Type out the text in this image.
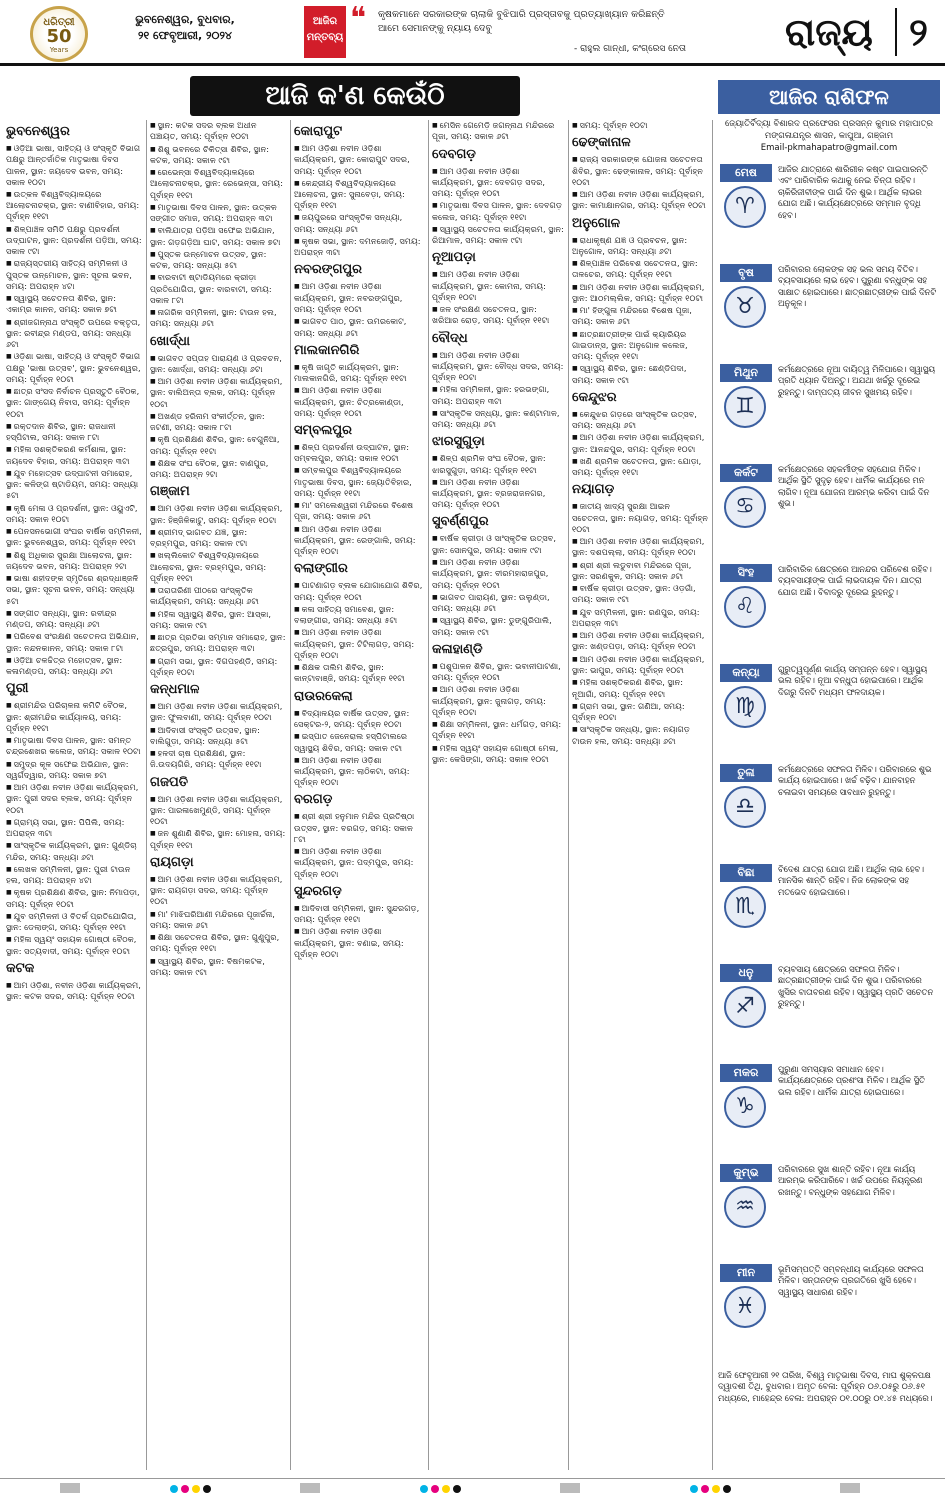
ଧରିତ୍ରୀ
50
Years
ଭୁବନେଶ୍ୱର, ବୁଧବାର,
୨୧ ଫେବୃଆରୀ, ୨୦୨୪
ଆଜିର
ମନ୍ତବ୍ୟ
❝ କୃଷକମାନେ ସରକାରଙ୍କ ଚାଲାକି ବୁଝିପାରି ପ୍ରସ୍ତାବକୁ ପ୍ରତ୍ୟାଖ୍ୟାନ କରିଛନ୍ତି ଆମେ ସେମାନଙ୍କୁ ନ୍ୟାୟ ଦେବୁ
- ରାହୁଲ ଗାନ୍ଧୀ, କଂଗ୍ରେସ ନେତା	ରାଜ୍ୟ ୨
ଆଜି କ'ଣ କେଉଁଠି
ଭୁବନେଶ୍ୱର
■ ଓଡ଼ିଆ ଭାଷା, ସାହିତ୍ୟ ଓ ସଂସ୍କୃତି ବିଭାଗ ପକ୍ଷରୁ ଆନ୍ତର୍ଜାତିକ ମାତୃଭାଷା ଦିବସ ପାଳନ, ସ୍ଥାନ: ଜୟଦେବ ଭବନ, ସମୟ: ସକାଳ ୧୦ଟା
■ ଉତ୍କଳ ବିଶ୍ୱବିଦ୍ୟାଳୟରେ ଆଲୋଚନାଚକ୍ର, ସ୍ଥାନ: ବାଣୀବିହାର, ସମୟ: ପୂର୍ବାହ୍ନ ୧୧ଟା
■ ଶିଳ୍ପାଞ୍ଚଳ ସମିତି ପକ୍ଷରୁ ପ୍ରଦର୍ଶନୀ ଉଦ୍‌ଘାଟନ, ସ୍ଥାନ: ପ୍ରଦର୍ଶନୀ ପଡ଼ିଆ, ସମୟ: ସକାଳ ୯ଟା
■ ରାଜ୍ୟସ୍ତରୀୟ ସାହିତ୍ୟ ସମ୍ମିଳନୀ ଓ ପୁସ୍ତକ ଉନ୍ମୋଚନ, ସ୍ଥାନ: ସୂଚନା ଭବନ, ସମୟ: ଅପରାହ୍ନ ୪ଟା
■ ସ୍ୱାସ୍ଥ୍ୟ ସଚେତନତା ଶିବିର, ସ୍ଥାନ: ଏକାମ୍ର କାନନ, ସମୟ: ସକାଳ ୭ଟା
■ ଶ୍ରୀଜଗନ୍ନାଥ ସଂସ୍କୃତି ଉପରେ ବକ୍ତୃତା, ସ୍ଥାନ: ରବୀନ୍ଦ୍ର ମଣ୍ଡପ, ସମୟ: ସନ୍ଧ୍ୟା ୬ଟା
■ ଓଡ଼ିଶା ଭାଷା, ସାହିତ୍ୟ ଓ ସଂସ୍କୃତି ବିଭାଗ ପକ୍ଷରୁ 'ଭାଷା ଉତ୍ସବ', ସ୍ଥାନ: ଭୁବନେଶ୍ୱର, ସମୟ: ପୂର୍ବାହ୍ନ ୧୦ଟା
■ ଛାତ୍ର ସଂସଦ ନିର୍ବାଚନ ପ୍ରସ୍ତୁତି ବୈଠକ, ସ୍ଥାନ: ଗାଙ୍ଗେୟ ନିବାସ, ସମୟ: ପୂର୍ବାହ୍ନ ୧୦ଟା
■ ରକ୍ତଦାନ ଶିବିର, ସ୍ଥାନ: ରାଜଧାନୀ ହସ୍ପିଟାଲ, ସମୟ: ସକାଳ ୮ଟା
■ ମହିଳା ସଶକ୍ତିକରଣ କର୍ମଶାଳା, ସ୍ଥାନ: ଜୟଦେବ ବିହାର, ସମୟ: ଅପରାହ୍ନ ୩ଟା
■ ଯୁବ ମହୋତ୍ସବ ଉଦ୍‌ଘାଟନୀ ସମାରୋହ, ସ୍ଥାନ: କଳିଙ୍ଗ ଷ୍ଟାଡିୟମ, ସମୟ: ସନ୍ଧ୍ୟା ୫ଟା
■ କୃଷି ମେଳା ଓ ପ୍ରଦର୍ଶନୀ, ସ୍ଥାନ: ଓୟୁଏଟି, ସମୟ: ସକାଳ ୧୦ଟା
■ ପେନସନଭୋଗୀ ସଂଘର ବାର୍ଷିକ ସମ୍ମିଳନୀ, ସ୍ଥାନ: ଭୁବନେଶ୍ୱର, ସମୟ: ପୂର୍ବାହ୍ନ ୧୧ଟା
■ ଶିଶୁ ଅଧିକାର ସୁରକ୍ଷା ଆଲୋଚନା, ସ୍ଥାନ: ଜୟଦେବ ଭବନ, ସମୟ: ଅପରାହ୍ନ ୨ଟା
■ ଭାଷା ଶହୀଦଙ୍କ ସ୍ମୃତିରେ ଶ୍ରଦ୍ଧାଞ୍ଜଳି ସଭା, ସ୍ଥାନ: ସୂଚନା ଭବନ, ସମୟ: ସନ୍ଧ୍ୟା ୫ଟା
■ ସଙ୍ଗୀତ ସନ୍ଧ୍ୟା, ସ୍ଥାନ: ରବୀନ୍ଦ୍ର ମଣ୍ଡପ, ସମୟ: ସନ୍ଧ୍ୟା ୬ଟା
■ ପରିବେଶ ସଂରକ୍ଷଣ ସଚେତନତା ଅଭିଯାନ, ସ୍ଥାନ: ନନ୍ଦନକାନନ, ସମୟ: ସକାଳ ୮ଟା
■ ଓଡ଼ିଆ ଚଳଚ୍ଚିତ୍ର ମହୋତ୍ସବ, ସ୍ଥାନ: କଳାମଣ୍ଡପ, ସମୟ: ସନ୍ଧ୍ୟା ୬ଟା
ପୁରୀ
■ ଶ୍ରୀମନ୍ଦିର ପରିଚାଳନା କମିଟି ବୈଠକ, ସ୍ଥାନ: ଶ୍ରୀମନ୍ଦିର କାର୍ଯ୍ୟାଳୟ, ସମୟ: ପୂର୍ବାହ୍ନ ୧୧ଟା
■ ମାତୃଭାଷା ଦିବସ ପାଳନ, ସ୍ଥାନ: ସମନ୍ତ ଚନ୍ଦ୍ରଶେଖର କଲେଜ, ସମୟ: ସକାଳ ୧୦ଟା
■ ସମୁଦ୍ର କୂଳ ସଫେଇ ଅଭିଯାନ, ସ୍ଥାନ: ସ୍ୱର୍ଗଦ୍ୱାର, ସମୟ: ସକାଳ ୭ଟା
■ ଆମ ଓଡ଼ିଶା ନବୀନ ଓଡ଼ିଶା କାର୍ଯ୍ୟକ୍ରମ, ସ୍ଥାନ: ପୁରୀ ସଦର ବ୍ଲକ, ସମୟ: ପୂର୍ବାହ୍ନ ୧୦ଟା
■ ଗ୍ରାମ୍ୟ ସଭା, ସ୍ଥାନ: ପିପିଲି, ସମୟ: ଅପରାହ୍ନ ୩ଟା
■ ସାଂସ୍କୃତିକ କାର୍ଯ୍ୟକ୍ରମ, ସ୍ଥାନ: ଗୁଣ୍ଡିଚା ମନ୍ଦିର, ସମୟ: ସନ୍ଧ୍ୟା ୬ଟା
■ ଲେଖକ ସମ୍ମିଳନୀ, ସ୍ଥାନ: ପୁରୀ ଟାଉନ ହଲ, ସମୟ: ଅପରାହ୍ନ ୪ଟା
■ କୃଷକ ପ୍ରଶିକ୍ଷଣ ଶିବିର, ସ୍ଥାନ: ନିମାପଡ଼ା, ସମୟ: ପୂର୍ବାହ୍ନ ୧୦ଟା
■ ଯୁବ ସମ୍ମିଳନୀ ଓ ବିତର୍କ ପ୍ରତିଯୋଗିତା, ସ୍ଥାନ: ଡେଲାଙ୍ଗ, ସମୟ: ପୂର୍ବାହ୍ନ ୧୧ଟା
■ ମହିଳା ସ୍ୱୟଂ ସହାୟକ ଗୋଷ୍ଠୀ ବୈଠକ, ସ୍ଥାନ: ସତ୍ୟବାଦୀ, ସମୟ: ପୂର୍ବାହ୍ନ ୧୦ଟା
କଟକ
■ ଆମ ଓଡ଼ିଶା, ନବୀନ ଓଡ଼ିଶା କାର୍ଯ୍ୟକ୍ରମ, ସ୍ଥାନ: କଟକ ସଦର, ସମୟ: ପୂର୍ବାହ୍ନ ୧୦ଟା
■ ସ୍ଥାନ: କଟକ ସଦର ବ୍ଲକ ଅଧୀନ ପଞ୍ଚାୟତ, ସମୟ: ପୂର୍ବାହ୍ନ ୧୦ଟା
■ ଶିଶୁ ଭବନରେ ଚିକିତ୍ସା ଶିବିର, ସ୍ଥାନ: କଟକ, ସମୟ: ସକାଳ ୯ଟା
■ ରେଭେନ୍ସା ବିଶ୍ୱବିଦ୍ୟାଳୟରେ ଆଲୋଚନାଚକ୍ର, ସ୍ଥାନ: ରେଭେନ୍ସା, ସମୟ: ପୂର୍ବାହ୍ନ ୧୧ଟା
■ ମାତୃଭାଷା ଦିବସ ପାଳନ, ସ୍ଥାନ: ଉତ୍କଳ ସଙ୍ଗୀତ ସମାଜ, ସମୟ: ଅପରାହ୍ନ ୩ଟା
■ ବାଲିଯାତ୍ରା ପଡ଼ିଆ ସଫେଇ ଅଭିଯାନ, ସ୍ଥାନ: ଗଡ଼ଗଡ଼ିଆ ଘାଟ, ସମୟ: ସକାଳ ୭ଟା
■ ପୁସ୍ତକ ଉନ୍ମୋଚନ ଉତ୍ସବ, ସ୍ଥାନ: କଟକ, ସମୟ: ସନ୍ଧ୍ୟା ୫ଟା
■ ବାରବାଟୀ ଷ୍ଟାଡିୟମରେ କ୍ରୀଡ଼ା ପ୍ରତିଯୋଗିତା, ସ୍ଥାନ: ବାରବାଟୀ, ସମୟ: ସକାଳ ୮ଟା
■ ନାଗରିକ ସମ୍ମିଳନୀ, ସ୍ଥାନ: ଟାଉନ ହଲ, ସମୟ: ସନ୍ଧ୍ୟା ୬ଟା
ଖୋର୍ଦ୍ଧା
■ ଭାଗବତ ସପ୍ତାହ ପାରାୟଣ ଓ ପ୍ରବଚନ, ସ୍ଥାନ: ଖୋର୍ଦ୍ଧା, ସମୟ: ସନ୍ଧ୍ୟା ୬ଟା
■ ଆମ ଓଡ଼ିଶା ନବୀନ ଓଡ଼ିଶା କାର୍ଯ୍ୟକ୍ରମ, ସ୍ଥାନ: ବାଲିଅନ୍ତା ବ୍ଲକ, ସମୟ: ପୂର୍ବାହ୍ନ ୧୦ଟା
■ ଅଖଣ୍ଡ ହରିନାମ ସଂକୀର୍ତ୍ତନ, ସ୍ଥାନ: ଜଟଣୀ, ସମୟ: ସକାଳ ୮ଟା
■ କୃଷି ପ୍ରଶିକ୍ଷଣ ଶିବିର, ସ୍ଥାନ: ବେଗୁନିଆ, ସମୟ: ପୂର୍ବାହ୍ନ ୧୧ଟା
■ ଶିକ୍ଷକ ସଂଘ ବୈଠକ, ସ୍ଥାନ: ବାଣପୁର, ସମୟ: ଅପରାହ୍ନ ୨ଟା
ଗଞ୍ଜାମ
■ ଆମ ଓଡ଼ିଶା ନବୀନ ଓଡ଼ିଶା କାର୍ଯ୍ୟକ୍ରମ, ସ୍ଥାନ: ହିଞ୍ଜିଳିକାଟୁ, ସମୟ: ପୂର୍ବାହ୍ନ ୧୦ଟା
■ ଶ୍ରୀମଦ୍ ଭାଗବତ ଯଜ୍ଞ, ସ୍ଥାନ: ବ୍ରହ୍ମପୁର, ସମୟ: ସକାଳ ୯ଟା
■ ଖଲ୍ଲିକୋଟ ବିଶ୍ୱବିଦ୍ୟାଳୟରେ ଆଲୋଚନା, ସ୍ଥାନ: ବ୍ରହ୍ମପୁର, ସମୟ: ପୂର୍ବାହ୍ନ ୧୧ଟା
■ ତାରାତାରିଣୀ ପୀଠରେ ସାଂସ୍କୃତିକ କାର୍ଯ୍ୟକ୍ରମ, ସମୟ: ସନ୍ଧ୍ୟା ୬ଟା
■ ମହିଳା ସ୍ୱାସ୍ଥ୍ୟ ଶିବିର, ସ୍ଥାନ: ଆସ୍କା, ସମୟ: ସକାଳ ୯ଟା
■ ଛାତ୍ର ପ୍ରତିଭା ସମ୍ମାନ ସମାରୋହ, ସ୍ଥାନ: ଛତ୍ରପୁର, ସମୟ: ଅପରାହ୍ନ ୩ଟା
■ ଗ୍ରାମ ସଭା, ସ୍ଥାନ: ଦିଗପହଣ୍ଡି, ସମୟ: ପୂର୍ବାହ୍ନ ୧୦ଟା
କନ୍ଧମାଳ
■ ଆମ ଓଡ଼ିଶା ନବୀନ ଓଡ଼ିଶା କାର୍ଯ୍ୟକ୍ରମ, ସ୍ଥାନ: ଫୁଲବାଣୀ, ସମୟ: ପୂର୍ବାହ୍ନ ୧୦ଟା
■ ଆଦିବାସୀ ସଂସ୍କୃତି ଉତ୍ସବ, ସ୍ଥାନ: ବାଲିଗୁଡ଼ା, ସମୟ: ସନ୍ଧ୍ୟା ୫ଟା
■ ହଳଦୀ ଚାଷ ପ୍ରଶିକ୍ଷଣ, ସ୍ଥାନ: ଜି.ଉଦୟଗିରି, ସମୟ: ପୂର୍ବାହ୍ନ ୧୧ଟା
ଗଜପତି
■ ଆମ ଓଡ଼ିଶା ନବୀନ ଓଡ଼ିଶା କାର୍ଯ୍ୟକ୍ରମ, ସ୍ଥାନ: ପାରଳାଖେମୁଣ୍ଡି, ସମୟ: ପୂର୍ବାହ୍ନ ୧୦ଟା
■ ଜନ ଶୁଣାଣି ଶିବିର, ସ୍ଥାନ: ମୋହନା, ସମୟ: ପୂର୍ବାହ୍ନ ୧୧ଟା
ରାୟଗଡ଼ା
■ ଆମ ଓଡ଼ିଶା ନବୀନ ଓଡ଼ିଶା କାର୍ଯ୍ୟକ୍ରମ, ସ୍ଥାନ: ରାୟଗଡ଼ା ସଦର, ସମୟ: ପୂର୍ବାହ୍ନ ୧୦ଟା
■ ମା' ମାଝିଘରିଆଣୀ ମନ୍ଦିରରେ ପୂଜାର୍ଚ୍ଚନା, ସମୟ: ସକାଳ ୬ଟା
■ ଶିକ୍ଷା ସଚେତନତା ଶିବିର, ସ୍ଥାନ: ଗୁଣୁପୁର, ସମୟ: ପୂର୍ବାହ୍ନ ୧୧ଟା
■ ସ୍ୱାସ୍ଥ୍ୟ ଶିବିର, ସ୍ଥାନ: ବିଷମକଟକ, ସମୟ: ସକାଳ ୯ଟା
କୋରାପୁଟ
■ ଆମ ଓଡ଼ିଶା ନବୀନ ଓଡ଼ିଶା କାର୍ଯ୍ୟକ୍ରମ, ସ୍ଥାନ: କୋରାପୁଟ ସଦର, ସମୟ: ପୂର୍ବାହ୍ନ ୧୦ଟା
■ କେନ୍ଦ୍ରୀୟ ବିଶ୍ୱବିଦ୍ୟାଳୟରେ ଆଲୋଚନା, ସ୍ଥାନ: ସୁନାବେଡ଼ା, ସମୟ: ପୂର୍ବାହ୍ନ ୧୧ଟା
■ ଜୟପୁରରେ ସାଂସ୍କୃତିକ ସନ୍ଧ୍ୟା, ସମୟ: ସନ୍ଧ୍ୟା ୬ଟା
■ କୃଷକ ସଭା, ସ୍ଥାନ: ଦମନଜୋଡ଼ି, ସମୟ: ଅପରାହ୍ନ ୩ଟା
ନବରଙ୍ଗପୁର
■ ଆମ ଓଡ଼ିଶା ନବୀନ ଓଡ଼ିଶା କାର୍ଯ୍ୟକ୍ରମ, ସ୍ଥାନ: ନବରଙ୍ଗପୁର, ସମୟ: ପୂର୍ବାହ୍ନ ୧୦ଟା
■ ଭାଗବତ ପାଠ, ସ୍ଥାନ: ଉମରକୋଟ, ସମୟ: ସନ୍ଧ୍ୟା ୬ଟା
ମାଲକାନଗିରି
■ କୃଷି ଜାଗୃତି କାର୍ଯ୍ୟକ୍ରମ, ସ୍ଥାନ: ମାଲକାନଗିରି, ସମୟ: ପୂର୍ବାହ୍ନ ୧୧ଟା
■ ଆମ ଓଡ଼ିଶା ନବୀନ ଓଡ଼ିଶା କାର୍ଯ୍ୟକ୍ରମ, ସ୍ଥାନ: ଚିତ୍ରକୋଣ୍ଡା, ସମୟ: ପୂର୍ବାହ୍ନ ୧୦ଟା
ସମ୍ବଲପୁର
■ ଶିଳ୍ପ ପ୍ରଦର୍ଶନୀ ଉଦ୍‌ଘାଟନ, ସ୍ଥାନ: ସମ୍ବଲପୁର, ସମୟ: ସକାଳ ୧୦ଟା
■ ସମ୍ବଲପୁର ବିଶ୍ୱବିଦ୍ୟାଳୟରେ ମାତୃଭାଷା ଦିବସ, ସ୍ଥାନ: ଜ୍ୟୋତିବିହାର, ସମୟ: ପୂର୍ବାହ୍ନ ୧୧ଟା
■ ମା' ସମଲେଶ୍ୱରୀ ମନ୍ଦିରରେ ବିଶେଷ ପୂଜା, ସମୟ: ସକାଳ ୬ଟା
■ ଆମ ଓଡ଼ିଶା ନବୀନ ଓଡ଼ିଶା କାର୍ଯ୍ୟକ୍ରମ, ସ୍ଥାନ: ରେଙ୍ଗାଲି, ସମୟ: ପୂର୍ବାହ୍ନ ୧୦ଟା
ବଲାଙ୍ଗୀର
■ ପାଟଣାଗଡ଼ ବ୍ଲକ ଯୋଗାଯୋଗ ଶିବିର, ସମୟ: ପୂର୍ବାହ୍ନ ୧୦ଟା
■ କଳା ସାହିତ୍ୟ ସମାବେଶ, ସ୍ଥାନ: ବଲାଙ୍ଗୀର, ସମୟ: ସନ୍ଧ୍ୟା ୫ଟା
■ ଆମ ଓଡ଼ିଶା ନବୀନ ଓଡ଼ିଶା କାର୍ଯ୍ୟକ୍ରମ, ସ୍ଥାନ: ଟିଟିଲାଗଡ଼, ସମୟ: ପୂର୍ବାହ୍ନ ୧୦ଟା
■ ଶିକ୍ଷକ ତାଲିମ ଶିବିର, ସ୍ଥାନ: କାନ୍ଟାବାଞ୍ଜି, ସମୟ: ପୂର୍ବାହ୍ନ ୧୧ଟା
ରାଉରକେଲା
■ ବିଦ୍ୟାଳୟର ବାର୍ଷିକ ଉତ୍ସବ, ସ୍ଥାନ: ସେକ୍ଟର-୨, ସମୟ: ପୂର୍ବାହ୍ନ ୧୦ଟା
■ ଇସ୍ପାତ ଜେନେରାଲ ହସ୍ପିଟାଲରେ ସ୍ୱାସ୍ଥ୍ୟ ଶିବିର, ସମୟ: ସକାଳ ୯ଟା
■ ଆମ ଓଡ଼ିଶା ନବୀନ ଓଡ଼ିଶା କାର୍ଯ୍ୟକ୍ରମ, ସ୍ଥାନ: ଲାଠିକଟା, ସମୟ: ପୂର୍ବାହ୍ନ ୧୦ଟା
ବରଗଡ଼
■ ଶ୍ରୀ ଶ୍ରୀ ହନୁମାନ ମନ୍ଦିର ପ୍ରତିଷ୍ଠା ଉତ୍ସବ, ସ୍ଥାନ: ବରଗଡ଼, ସମୟ: ସକାଳ ୮ଟା
■ ଆମ ଓଡ଼ିଶା ନବୀନ ଓଡ଼ିଶା କାର୍ଯ୍ୟକ୍ରମ, ସ୍ଥାନ: ପଦ୍ମପୁର, ସମୟ: ପୂର୍ବାହ୍ନ ୧୦ଟା
ସୁନ୍ଦରଗଡ଼
■ ଆଦିବାସୀ ସମ୍ମିଳନୀ, ସ୍ଥାନ: ସୁନ୍ଦରଗଡ଼, ସମୟ: ପୂର୍ବାହ୍ନ ୧୧ଟା
■ ଆମ ଓଡ଼ିଶା ନବୀନ ଓଡ଼ିଶା କାର୍ଯ୍ୟକ୍ରମ, ସ୍ଥାନ: ବଣାଇ, ସମୟ: ପୂର୍ବାହ୍ନ ୧୦ଟା
■ ମେସିନ ଗେମେଡ଼ି ଜଗନ୍ନାଥ ମନ୍ଦିରରେ ପୂଜା, ସମୟ: ସକାଳ ୬ଟା
ଦେବଗଡ଼
■ ଆମ ଓଡ଼ିଶା ନବୀନ ଓଡ଼ିଶା କାର୍ଯ୍ୟକ୍ରମ, ସ୍ଥାନ: ଦେବଗଡ଼ ସଦର, ସମୟ: ପୂର୍ବାହ୍ନ ୧୦ଟା
■ ମାତୃଭାଷା ଦିବସ ପାଳନ, ସ୍ଥାନ: ଦେବଗଡ଼ କଲେଜ, ସମୟ: ପୂର୍ବାହ୍ନ ୧୧ଟା
■ ସ୍ୱାସ୍ଥ୍ୟ ସଚେତନତା କାର୍ଯ୍ୟକ୍ରମ, ସ୍ଥାନ: ରିଆମାଳ, ସମୟ: ସକାଳ ୯ଟା
ନୂଆପଡ଼ା
■ ଆମ ଓଡ଼ିଶା ନବୀନ ଓଡ଼ିଶା କାର୍ଯ୍ୟକ୍ରମ, ସ୍ଥାନ: କୋମନା, ସମୟ: ପୂର୍ବାହ୍ନ ୧୦ଟା
■ ଜଳ ସଂରକ୍ଷଣ ସଚେତନତା, ସ୍ଥାନ: ଖରିଆର ରୋଡ଼, ସମୟ: ପୂର୍ବାହ୍ନ ୧୧ଟା
ବୌଦ୍ଧ
■ ଆମ ଓଡ଼ିଶା ନବୀନ ଓଡ଼ିଶା କାର୍ଯ୍ୟକ୍ରମ, ସ୍ଥାନ: ବୌଦ୍ଧ ସଦର, ସମୟ: ପୂର୍ବାହ୍ନ ୧୦ଟା
■ ମହିଳା ସମ୍ମିଳନୀ, ସ୍ଥାନ: ହରଭଙ୍ଗା, ସମୟ: ଅପରାହ୍ନ ୩ଟା
■ ସାଂସ୍କୃତିକ ସନ୍ଧ୍ୟା, ସ୍ଥାନ: କଣ୍ଟାମାଳ, ସମୟ: ସନ୍ଧ୍ୟା ୬ଟା
ଝାରସୁଗୁଡ଼ା
■ ଶିଳ୍ପ ଶ୍ରମିକ ସଂଘ ବୈଠକ, ସ୍ଥାନ: ଝାରସୁଗୁଡ଼ା, ସମୟ: ପୂର୍ବାହ୍ନ ୧୧ଟା
■ ଆମ ଓଡ଼ିଶା ନବୀନ ଓଡ଼ିଶା କାର୍ଯ୍ୟକ୍ରମ, ସ୍ଥାନ: ବ୍ରଜରାଜନଗର, ସମୟ: ପୂର୍ବାହ୍ନ ୧୦ଟା
ସୁବର୍ଣ୍ଣପୁର
■ ବାର୍ଷିକ କ୍ରୀଡ଼ା ଓ ସାଂସ୍କୃତିକ ଉତ୍ସବ, ସ୍ଥାନ: ସୋନପୁର, ସମୟ: ସକାଳ ୯ଟା
■ ଆମ ଓଡ଼ିଶା ନବୀନ ଓଡ଼ିଶା କାର୍ଯ୍ୟକ୍ରମ, ସ୍ଥାନ: ବୀରମହାରାଜପୁର, ସମୟ: ପୂର୍ବାହ୍ନ ୧୦ଟା
■ ଭାଗବତ ପାରାୟଣ, ସ୍ଥାନ: ଉଲୁଣ୍ଡା, ସମୟ: ସନ୍ଧ୍ୟା ୬ଟା
■ ସ୍ୱାସ୍ଥ୍ୟ ଶିବିର, ସ୍ଥାନ: ଡୁଙ୍ଗୁରିପାଲି, ସମୟ: ସକାଳ ୯ଟା
କଳାହାଣ୍ଡି
■ ପଶୁପାଳନ ଶିବିର, ସ୍ଥାନ: ଭବାନୀପାଟଣା, ସମୟ: ପୂର୍ବାହ୍ନ ୧୦ଟା
■ ଆମ ଓଡ଼ିଶା ନବୀନ ଓଡ଼ିଶା କାର୍ଯ୍ୟକ୍ରମ, ସ୍ଥାନ: ଜୁନାଗଡ଼, ସମୟ: ପୂର୍ବାହ୍ନ ୧୦ଟା
■ ଶିକ୍ଷା ସମ୍ମିଳନୀ, ସ୍ଥାନ: ଧର୍ମଗଡ଼, ସମୟ: ପୂର୍ବାହ୍ନ ୧୧ଟା
■ ମହିଳା ସ୍ୱୟଂ ସହାୟକ ଗୋଷ୍ଠୀ ମେଳା, ସ୍ଥାନ: କେସିଙ୍ଗା, ସମୟ: ସକାଳ ୧୦ଟା
■ ସମୟ: ପୂର୍ବାହ୍ନ ୧୦ଟା
ଢେଙ୍କାନାଳ
■ ରାଜ୍ୟ ସରକାରଙ୍କ ଯୋଜନା ସଚେତନତା ଶିବିର, ସ୍ଥାନ: ଢେଙ୍କାନାଳ, ସମୟ: ପୂର୍ବାହ୍ନ ୧୦ଟା
■ ଆମ ଓଡ଼ିଶା ନବୀନ ଓଡ଼ିଶା କାର୍ଯ୍ୟକ୍ରମ, ସ୍ଥାନ: କାମାକ୍ଷାନଗର, ସମୟ: ପୂର୍ବାହ୍ନ ୧୦ଟା
ଅନୁଗୋଳ
■ ରାଧାକୃଷ୍ଣ ଯଜ୍ଞ ଓ ପ୍ରବଚନ, ସ୍ଥାନ: ଅନୁଗୋଳ, ସମୟ: ସନ୍ଧ୍ୟା ୬ଟା
■ ଶିଳ୍ପାଞ୍ଚଳ ପରିବେଶ ସଚେତନତା, ସ୍ଥାନ: ତାଳଚେର, ସମୟ: ପୂର୍ବାହ୍ନ ୧୧ଟା
■ ଆମ ଓଡ଼ିଶା ନବୀନ ଓଡ଼ିଶା କାର୍ଯ୍ୟକ୍ରମ, ସ୍ଥାନ: ଆଠମଲ୍ଲିକ, ସମୟ: ପୂର୍ବାହ୍ନ ୧୦ଟା
■ ମା' ହିଙ୍ଗୁଳା ମନ୍ଦିରରେ ବିଶେଷ ପୂଜା, ସମୟ: ସକାଳ ୬ଟା
■ ଛାତ୍ରଛାତ୍ରୀଙ୍କ ପାଇଁ କ୍ୟାରିୟର ଗାଇଡାନ୍ସ, ସ୍ଥାନ: ଅନୁଗୋଳ କଲେଜ, ସମୟ: ପୂର୍ବାହ୍ନ ୧୧ଟା
■ ସ୍ୱାସ୍ଥ୍ୟ ଶିବିର, ସ୍ଥାନ: ଛେଣ୍ଡିପଦା, ସମୟ: ସକାଳ ୯ଟା
କେନ୍ଦୁଝର
■ କେନ୍ଦୁଝର ଗଡ଼ରେ ସାଂସ୍କୃତିକ ଉତ୍ସବ, ସମୟ: ସନ୍ଧ୍ୟା ୬ଟା
■ ଆମ ଓଡ଼ିଶା ନବୀନ ଓଡ଼ିଶା କାର୍ଯ୍ୟକ୍ରମ, ସ୍ଥାନ: ଆନନ୍ଦପୁର, ସମୟ: ପୂର୍ବାହ୍ନ ୧୦ଟା
■ ଖଣି ଶ୍ରମିକ ସଚେତନତା, ସ୍ଥାନ: ଯୋଡ଼ା, ସମୟ: ପୂର୍ବାହ୍ନ ୧୧ଟା
ନୟାଗଡ଼
■ ଜାତୀୟ ଖାଦ୍ୟ ସୁରକ୍ଷା ଆଇନ ସଚେତନତା, ସ୍ଥାନ: ନୟାଗଡ଼, ସମୟ: ପୂର୍ବାହ୍ନ ୧୦ଟା
■ ଆମ ଓଡ଼ିଶା ନବୀନ ଓଡ଼ିଶା କାର୍ଯ୍ୟକ୍ରମ, ସ୍ଥାନ: ଦଶପଲ୍ଲା, ସମୟ: ପୂର୍ବାହ୍ନ ୧୦ଟା
■ ଶ୍ରୀ ଶ୍ରୀ ଲଡୁବାବା ମନ୍ଦିରରେ ପୂଜା, ସ୍ଥାନ: ସରଣକୁଳ, ସମୟ: ସକାଳ ୬ଟା
■ ବାର୍ଷିକ କ୍ରୀଡ଼ା ଉତ୍ସବ, ସ୍ଥାନ: ଓଡ଼ଗାଁ, ସମୟ: ସକାଳ ୯ଟା
■ ଯୁବ ସମ୍ମିଳନୀ, ସ୍ଥାନ: ରଣପୁର, ସମୟ: ଅପରାହ୍ନ ୩ଟା
■ ଆମ ଓଡ଼ିଶା ନବୀନ ଓଡ଼ିଶା କାର୍ଯ୍ୟକ୍ରମ, ସ୍ଥାନ: ଖଣ୍ଡପଡ଼ା, ସମୟ: ପୂର୍ବାହ୍ନ ୧୦ଟା
■ ଆମ ଓଡ଼ିଶା ନବୀନ ଓଡ଼ିଶା କାର୍ଯ୍ୟକ୍ରମ, ସ୍ଥାନ: ଭାପୁର, ସମୟ: ପୂର୍ବାହ୍ନ ୧୦ଟା
■ ମହିଳା ସଶକ୍ତିକରଣ ଶିବିର, ସ୍ଥାନ: ନୂଆଗାଁ, ସମୟ: ପୂର୍ବାହ୍ନ ୧୧ଟା
■ ଗ୍ରାମ ସଭା, ସ୍ଥାନ: ଗଣିଆ, ସମୟ: ପୂର୍ବାହ୍ନ ୧୦ଟା
■ ସାଂସ୍କୃତିକ ସନ୍ଧ୍ୟା, ସ୍ଥାନ: ନୟାଗଡ଼ ଟାଉନ ହଲ, ସମୟ: ସନ୍ଧ୍ୟା ୬ଟା
ଆଜିର ରାଶିଫଳ
ଜ୍ୟୋତିର୍ବିଦ୍ୟା ବିଶାରଦ ପ୍ରଫେସର ପ୍ରସନ୍ନ କୁମାର ମହାପାତ୍ର
ମଙ୍ଗଳାଯନ୍ତ୍ର ଶାସନ, କାପୁଆ, ଗଞ୍ଜାମ
Email-pkmahapatro@gmail.com
ମେଷ
♈
ଆଜିର ଯାତ୍ରାରେ ଶାରିରୀକ କଷ୍ଟ ପାଇପାରନ୍ତି ଏବଂ ପାରିବାରିକ କଥାକୁ ନେଇ ଚିନ୍ତା ରହିବ। ଚାକିରିଜୀବୀଙ୍କ ପାଇଁ ଦିନ ଶୁଭ। ଆର୍ଥିକ ଲାଭର ଯୋଗ ଅଛି। କାର୍ଯ୍ୟକ୍ଷେତ୍ରରେ ସମ୍ମାନ ବୃଦ୍ଧି ହେବ।
ବୃଷ
♉
ପରିବାରର ଲୋକଙ୍କ ସହ ଭଲ ସମୟ ବିତିବ। ବ୍ୟବସାୟରେ ଲାଭ ହେବ। ପୁରୁଣା ବନ୍ଧୁଙ୍କ ସହ ସାକ୍ଷାତ ହୋଇପାରେ। ଛାତ୍ରଛାତ୍ରୀଙ୍କ ପାଇଁ ଦିନଟି ଅନୁକୂଳ।
ମିଥୁନ
♊
କର୍ମକ୍ଷେତ୍ରରେ ନୂଆ ଦାୟିତ୍ୱ ମିଳିପାରେ। ସ୍ୱାସ୍ଥ୍ୟ ପ୍ରତି ଧ୍ୟାନ ଦିଅନ୍ତୁ। ଅଯଥା ଖର୍ଚ୍ଚରୁ ଦୂରେଇ ରୁହନ୍ତୁ। ଦାମ୍ପତ୍ୟ ଜୀବନ ସୁଖମୟ ରହିବ।
କର୍କଟ
♋
କର୍ମକ୍ଷେତ୍ରରେ ସହକର୍ମୀଙ୍କ ସହଯୋଗ ମିଳିବ। ଆର୍ଥିକ ସ୍ଥିତି ସୁଦୃଢ଼ ହେବ। ଧାର୍ମିକ କାର୍ଯ୍ୟରେ ମନ ଲାଗିବ। ନୂଆ ଯୋଜନା ଆରମ୍ଭ କରିବା ପାଇଁ ଦିନ ଶୁଭ।
ସିଂହ
♌
ପାରିବାରିକ କ୍ଷେତ୍ରରେ ଆନନ୍ଦର ପରିବେଶ ରହିବ। ବ୍ୟବସାୟୀଙ୍କ ପାଇଁ ଲାଭଦାୟକ ଦିନ। ଯାତ୍ରା ଯୋଗ ଅଛି। ବିବାଦରୁ ଦୂରେଇ ରୁହନ୍ତୁ।
କନ୍ୟା
♍
ଗୁରୁତ୍ୱପୂର୍ଣ୍ଣ କାର୍ଯ୍ୟ ସମ୍ପନ୍ନ ହେବ। ସ୍ୱାସ୍ଥ୍ୟ ଭଲ ରହିବ। ନୂଆ ବନ୍ଧୁତା ହୋଇପାରେ। ଆର୍ଥିକ ଦିଗରୁ ଦିନଟି ମଧ୍ୟମ ଫଳଦାୟକ।
ତୁଳା
♎
କର୍ମକ୍ଷେତ୍ରରେ ସଫଳତା ମିଳିବ। ପରିବାରରେ ଶୁଭ କାର୍ଯ୍ୟ ହୋଇପାରେ। ଖର୍ଚ୍ଚ ବଢ଼ିବ। ଯାନବାହନ ଚଳାଇବା ସମୟରେ ସାବଧାନ ରୁହନ୍ତୁ।
ବିଛା
♏
ବିଦେଶ ଯାତ୍ରା ଯୋଗ ଅଛି। ଆର୍ଥିକ ଲାଭ ହେବ। ମାନସିକ ଶାନ୍ତି ରହିବ। ନିଜ ଲୋକଙ୍କ ସହ ମତଭେଦ ହୋଇପାରେ।
ଧନୁ
♐
ବ୍ୟବସାୟ କ୍ଷେତ୍ରରେ ସଫଳତା ମିଳିବ। ଛାତ୍ରଛାତ୍ରୀଙ୍କ ପାଇଁ ଦିନ ଶୁଭ। ପରିବାରରେ ଖୁସିର ବାତାବରଣ ରହିବ। ସ୍ୱାସ୍ଥ୍ୟ ପ୍ରତି ସଚେତନ ରୁହନ୍ତୁ।
ମକର
♑
ପୁରୁଣା ସମସ୍ୟାର ସମାଧାନ ହେବ। କାର୍ଯ୍ୟକ୍ଷେତ୍ରରେ ପ୍ରଶଂସା ମିଳିବ। ଆର୍ଥିକ ସ୍ଥିତି ଭଲ ରହିବ। ଧାର୍ମିକ ଯାତ୍ରା ହୋଇପାରେ।
କୁମ୍ଭ
♒
ପରିବାରରେ ସୁଖ ଶାନ୍ତି ରହିବ। ନୂଆ କାର୍ଯ୍ୟ ଆରମ୍ଭ କରିପାରିବେ। ଖର୍ଚ୍ଚ ଉପରେ ନିୟନ୍ତ୍ରଣ ରଖନ୍ତୁ। ବନ୍ଧୁଙ୍କ ସହଯୋଗ ମିଳିବ।
ମୀନ
♓
ଭୂମିସମ୍ପତ୍ତି ସମ୍ବନ୍ଧୀୟ କାର୍ଯ୍ୟରେ ସଫଳତା ମିଳିବ। ସନ୍ତାନଙ୍କ ପ୍ରଗତିରେ ଖୁସି ହେବେ। ସ୍ୱାସ୍ଥ୍ୟ ସାଧାରଣ ରହିବ।
ଆଜି ଫେବୃଆରୀ ୨୧ ତାରିଖ, ବିଶ୍ୱ ମାତୃଭାଷା ଦିବସ, ମାଘ ଶୁକ୍ଳପକ୍ଷ ଦ୍ୱାଦଶୀ ତିଥି, ବୁଧବାର। ଅମୃତ ବେଳା: ପୂର୍ବାହ୍ନ ୦୬.୦୫ରୁ ୦୬.୫୧ ମଧ୍ୟରେ, ମାହେନ୍ଦ୍ର ବେଳା: ଅପରାହ୍ନ ୦୧.୦୦ରୁ ୦୧.୪୫ ମଧ୍ୟରେ।
